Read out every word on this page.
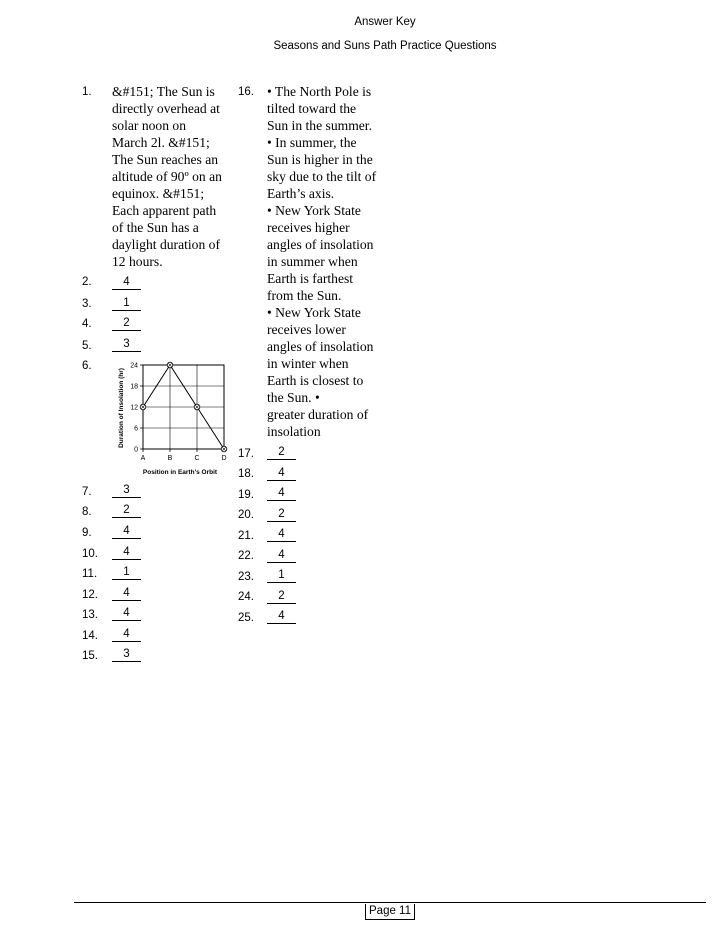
Answer Key
Seasons and Suns Path Practice Questions
1. &#151; The Sun is
directly overhead at
solar noon on
March 2l. &#151;
The Sun reaches an
altitude of 90º on an
equinox. &#151;
Each apparent path
of the Sun has a
daylight duration of
12 hours.
16. • The North Pole is
tilted toward the
Sun in the summer.
• In summer, the
Sun is higher in the
sky due to the tilt of
Earth’s axis.
• New York State
receives higher
angles of insolation
in summer when
Earth is farthest
from the Sun.
• New York State
receives lower
angles of insolation
in winter when
Earth is closest to
the Sun. •
greater duration of
insolation
2.	4
3.	1
4.	2
5.	3
6.
0
6
12
18
24
A	B	C	D
Duration of Insolation (hr)
Position in Earth's Orbit
7.	3
8.	2
9.	4
10.	4
11.	1
12.	4
13.	4
14.	4
15.	3
17.	2
18.	4
19.	4
20.	2
21.	4
22.	4
23.	1
24.	2
25.	4
Page 11
